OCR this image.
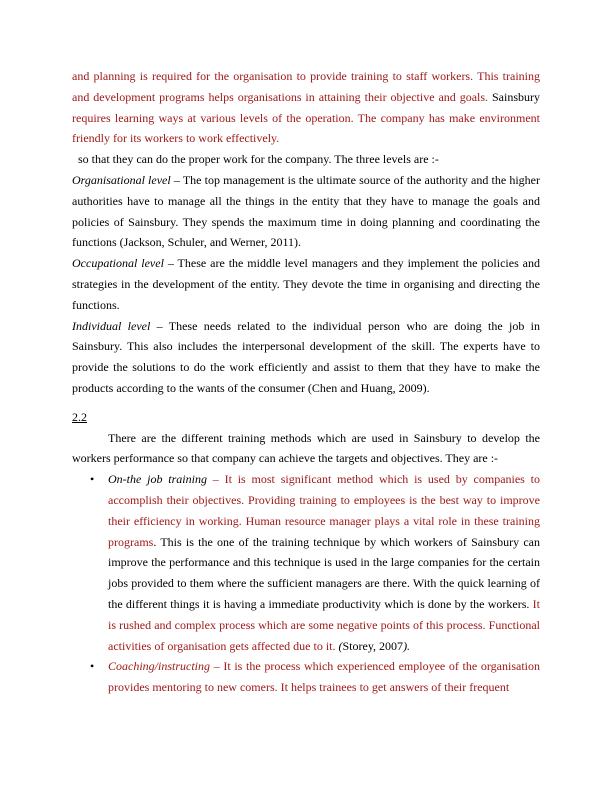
and planning is required for the organisation to provide training to staff workers. This training and development programs helps organisations in attaining their objective and goals. Sainsbury requires learning ways at various levels of the operation. The company has make environment friendly for its workers to work effectively.

so that they can do the proper work for the company. The three levels are :-

Organisational level – The top management is the ultimate source of the authority and the higher authorities have to manage all the things in the entity that they have to manage the goals and policies of Sainsbury. They spends the maximum time in doing planning and coordinating the functions (Jackson, Schuler, and Werner, 2011).

Occupational level – These are the middle level managers and they implement the policies and strategies in the development of the entity. They devote the time in organising and directing the functions.

Individual level – These needs related to the individual person who are doing the job in Sainsbury. This also includes the interpersonal development of the skill. The experts have to provide the solutions to do the work efficiently and assist to them that they have to make the products according to the wants of the consumer (Chen and Huang, 2009).

2.2

There are the different training methods which are used in Sainsbury to develop the workers performance so that company can achieve the targets and objectives. They are :-

• On-the job training – It is most significant method which is used by companies to accomplish their objectives. Providing training to employees is the best way to improve their efficiency in working. Human resource manager plays a vital role in these training programs. This is the one of the training technique by which workers of Sainsbury can improve the performance and this technique is used in the large companies for the certain jobs provided to them where the sufficient managers are there. With the quick learning of the different things it is having a immediate productivity which is done by the workers. It is rushed and complex process which are some negative points of this process. Functional activities of organisation gets affected due to it. (Storey, 2007).
• Coaching/instructing – It is the process which experienced employee of the organisation provides mentoring to new comers. It helps trainees to get answers of their frequent
